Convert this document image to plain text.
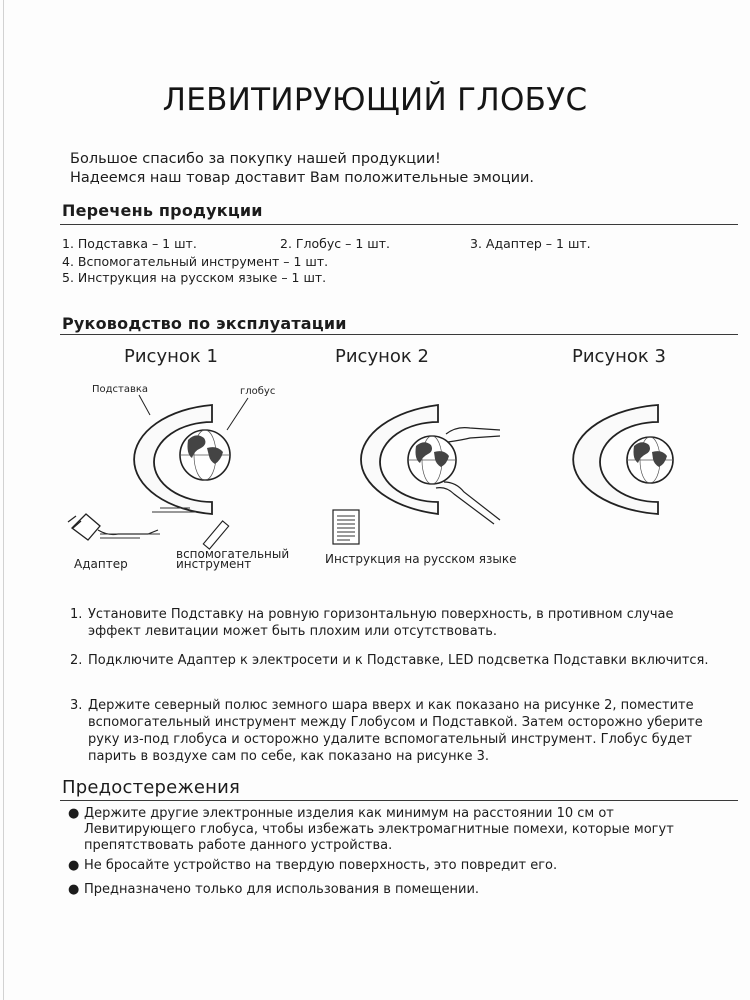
ЛЕВИТИРУЮЩИЙ ГЛОБУС
Большое спасибо за покупку нашей продукции!
Надеемся наш товар доставит Вам положительные эмоции.
Перечень продукции
1. Подставка – 1 шт.	2. Глобус – 1 шт.	3. Адаптер – 1 шт.
4. Вспомогательный инструмент – 1 шт.
5. Инструкция на русском языке – 1 шт.
Руководство по эксплуатации
Рисунок 1	Рисунок 2	Рисунок 3
Подставка	глобус
Адаптер
вспомогательный
инструмент	Инструкция на русском языке
1. Установите Подставку на ровную горизонтальную поверхность, в противном случае эффект левитации может быть плохим или отсутствовать.
2. Подключите Адаптер к электросети и к Подставке, LED подсветка Подставки включится.
3. Держите северный полюс земного шара вверх и как показано на рисунке 2, поместите вспомогательный инструмент между Глобусом и Подставкой. Затем осторожно уберите руку из-под глобуса и осторожно удалите вспомогательный инструмент. Глобус будет парить в воздухе сам по себе, как показано на рисунке 3.
Предостережения
● Держите другие электронные изделия как минимум на расстоянии 10 см от Левитирующего глобуса, чтобы избежать электромагнитные помехи, которые могут препятствовать работе данного устройства.
● Не бросайте устройство на твердую поверхность, это повредит его.
● Предназначено только для использования в помещении.
